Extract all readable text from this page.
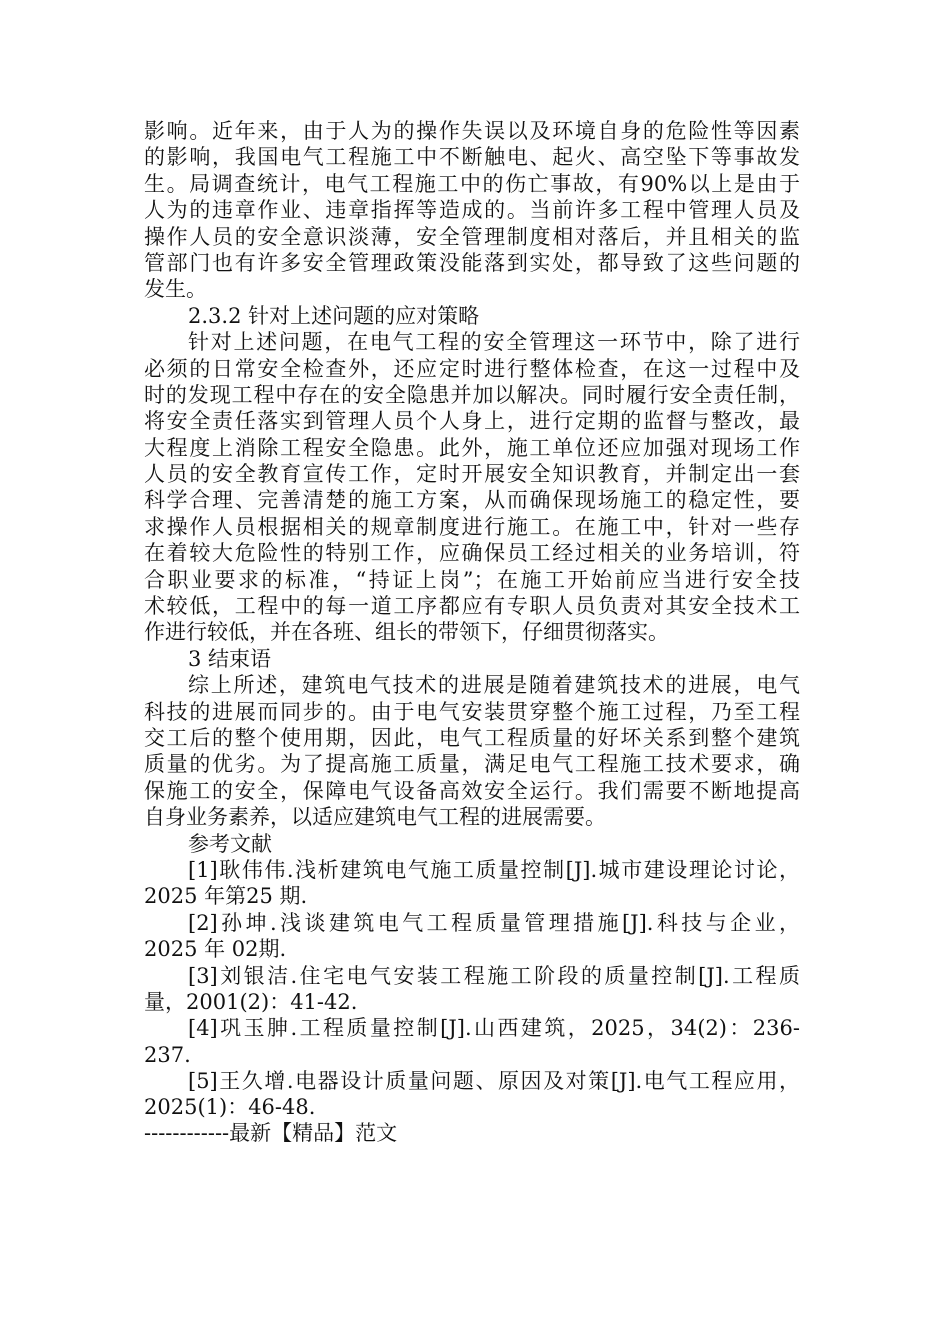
影响。近年来，由于人为的操作失误以及环境自身的危险性等因素
的影响，我国电气工程施工中不断触电、起火、高空坠下等事故发
生。局调查统计，电气工程施工中的伤亡事故，有90%以上是由于
人为的违章作业、违章指挥等造成的。当前许多工程中管理人员及
操作人员的安全意识淡薄，安全管理制度相对落后，并且相关的监
管部门也有许多安全管理政策没能落到实处，都导致了这些问题的
发生。
2.3.2 针对上述问题的应对策略
针对上述问题，在电气工程的安全管理这一环节中，除了进行
必须的日常安全检查外，还应定时进行整体检查，在这一过程中及
时的发现工程中存在的安全隐患并加以解决。同时履行安全责任制，
将安全责任落实到管理人员个人身上，进行定期的监督与整改，最
大程度上消除工程安全隐患。此外，施工单位还应加强对现场工作
人员的安全教育宣传工作，定时开展安全知识教育，并制定出一套
科学合理、完善清楚的施工方案，从而确保现场施工的稳定性，要
求操作人员根据相关的规章制度进行施工。在施工中，针对一些存
在着较大危险性的特别工作，应确保员工经过相关的业务培训，符
合职业要求的标准，“持证上岗”；在施工开始前应当进行安全技
术较低，工程中的每一道工序都应有专职人员负责对其安全技术工
作进行较低，并在各班、组长的带领下，仔细贯彻落实。
3 结束语
综上所述，建筑电气技术的进展是随着建筑技术的进展，电气
科技的进展而同步的。由于电气安装贯穿整个施工过程，乃至工程
交工后的整个使用期，因此，电气工程质量的好坏关系到整个建筑
质量的优劣。为了提高施工质量，满足电气工程施工技术要求，确
保施工的安全，保障电气设备高效安全运行。我们需要不断地提高
自身业务素养，以适应建筑电气工程的进展需要。
参考文献
[1]耿伟伟.浅析建筑电气施工质量控制[J].城市建设理论讨论，
2025 年第25 期.
[2]孙坤.浅谈建筑电气工程质量管理措施[J].科技与企业，
2025 年 02期.
[3]刘银洁.住宅电气安装工程施工阶段的质量控制[J].工程质
量，2001(2)：41-42.
[4]巩玉胂.工程质量控制[J].山西建筑，2025，34(2)：236-
237.
[5]王久增.电器设计质量问题、原因及对策[J].电气工程应用，
2025(1)：46-48.
------------最新【精品】范文
